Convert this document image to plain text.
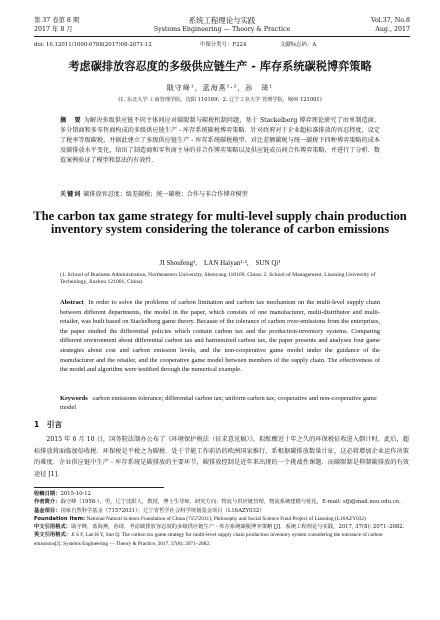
第 37 卷第 8 期	系统工程理论与实践	Vol.37, No.8
2017 年 8 月	Systems Engineering — Theory & Practice	Aug., 2017
doi: 10.12011/1000-6788(2017)08-2071-12	中图分类号：F224	文献标志码：A
考虑碳排放容忍度的多级供应链生产 - 库存系统碳税博弈策略
戢守峰¹，蓝海燕¹·²，孙　琦¹
(1. 东北大学 工商管理学院，沈阳 110169；2. 辽宁工业大学 管理学院，锦州 121001)
摘　要 为解决多级供应链不同主体间应对碳限制与碳税机制问题，基于 Stackelberg 博弈理论研究了由单制造商、多分销商和多零售商构成的多级供应链生产 - 库存系统碳税博弈策略．针对政府对于企业超标准排放的容忍程度，设定了税率等级碳税，并据此建立了多级供应链生产 - 库存系统碳税模型．对比差额碳税与统一碳税下四种博弈策略的成本及碳排放水平变化，给出了制造商和零售商主导的非合作博弈策略以及供应链成员间合作博弈策略，并进行了分析．数值案例验证了模型和算法的有效性．
关键词 碳排放容忍度；级差碳税；统一碳税；合作与非合作博弈模型
The carbon tax game strategy for multi-level supply chain production inventory system considering the tolerance of carbon emissions
JI Shoufeng¹,　LAN Haiyan¹·²,　SUN Qi¹
(1. School of Business Administration, Northeastern University, Shenyang 110169, China; 2. School of Management, Liaoning University of Technology, Jinzhou 121001, China)
Abstract In order to solve the problems of carbon limitation and carbon tax mechanism on the multi-level supply chain between different departments, the model in the paper, which consists of one manufacturer, multi-distributor and multi-retailer, was built based on Stackelberg game theory. Because of the tolerance of carbon over-emissions from the enterprises, the paper studied the differential policies which contain carbon tax and the production-inventory systems. Comparing different environment about differential carbon tax and harmonized carbon tax, the paper presents and analyses four game strategies about cost and carbon emission levels, and the non-cooperative game model under the guidance of the manufacturer and the retailer, and the cooperative game model between members of the supply chain. The effectiveness of the model and algorithm were testified through the numerical example.
Keywords carbon emissions tolerance; differential carbon tax; uniform carbon tax; cooperative and non-cooperative game model
1　引言
2015 年 6 月 10 日，国务院法制办公布了《环境保护税法（征求意见稿）》，拟酝酿近十年之久的环保税征收进入倒计时，此后，超标排放将面临加倍收税．环保税是平税之为碳税．处于节能工作前沿的欧洲国家推行，系根据碳排放数量计征，这必将增加企业运作决策的难度．企业供应链中生产 - 库存系统是碳排放的主要环节，碳排放控制是近年来出现的一个挑战性课题．而碳限制是抑制碳排放的有效途径 [1]．

收稿日期：2015-10-12

作者简介：戢守峰（1958-），男，辽宁沈阳人，教授，博士生导师，研究方向：物流与供应链管理，物流系统建模与优化，E-mail: sfji@mail.neu.edu.cn．

基金项目：国家自然科学基金（71572031）；辽宁省哲学社会科学规划基金项目（L16AZY032）

Foundation item: National Natural Science Foundation of China (71572031); Philosophy and Social Science Fund Project of Liaoning (L16AZY032)

中文引用格式：戢守峰，蓝海燕，孙琦．考虑碳排放容忍度的多级供应链生产 - 库存系统碳税博弈策略 [J]．系统工程理论与实践，2017, 37(8): 2071–2082.

英文引用格式：Ji S F, Lan H Y, Sun Q. The carbon tax game strategy for multi-level supply chain production inventory system considering the tolerance of carbon emissions[J]. Systems Engineering — Theory & Practice, 2017, 37(8): 2071–2082.
